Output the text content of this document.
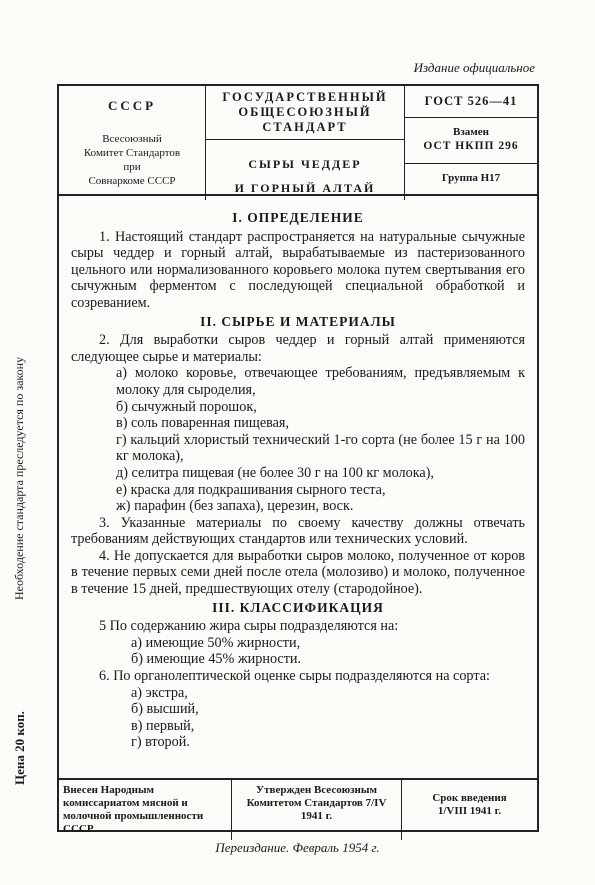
Издание официальное
СССР
Всесоюзный
Комитет Стандартов
при
Совнаркоме СССР
ГОСУДАРСТВЕННЫЙ
ОБЩЕСОЮЗНЫЙ СТАНДАРТ
СЫРЫ ЧЕДДЕР
И ГОРНЫЙ АЛТАЙ
ГОСТ 526—41
Взамен
ОСТ НКПП 296
Группа Н17
I. ОПРЕДЕЛЕНИЕ

1. Настоящий стандарт распространяется на натуральные сычужные сыры чеддер и горный алтай, вырабатываемые из пастеризованного цельного или нормализованного коровьего молока путем свертывания его сычужным ферментом с последующей специальной обработкой и созреванием.

II. СЫРЬЕ И МАТЕРИАЛЫ

2. Для выработки сыров чеддер и горный алтай применяются следующее сырье и материалы:

а) молоко коровье, отвечающее требованиям, предъявляемым к молоку для сыроделия,

б) сычужный порошок,

в) соль поваренная пищевая,

г) кальций хлористый технический 1-го сорта (не более 15 г на 100 кг молока),

д) селитра пищевая (не более 30 г на 100 кг молока),

е) краска для подкрашивания сырного теста,

ж) парафин (без запаха), церезин, воск.

3. Указанные материалы по своему качеству должны отвечать требованиям действующих стандартов или технических условий.

4. Не допускается для выработки сыров молоко, полученное от коров в течение первых семи дней после отела (молозиво) и молоко, полученное в течение 15 дней, предшествующих отелу (стародойное).

III. КЛАССИФИКАЦИЯ

5 По содержанию жира сыры подразделяются на:

а) имеющие 50% жирности,

б) имеющие 45% жирности.

6. По органолептической оценке сыры подразделяются на сорта:

а) экстра,

б) высший,

в) первый,

г) второй.

Необходение стандарта преследуется по закону
Цена 20 коп.
Внесен Народным комиссариатом мясной и молочной промышленности СССР
Утвержден Всесоюзным Комитетом Стандартов 7/IV 1941 г.
Срок введения
1/VIII 1941 г.
Переиздание. Февраль 1954 г.
